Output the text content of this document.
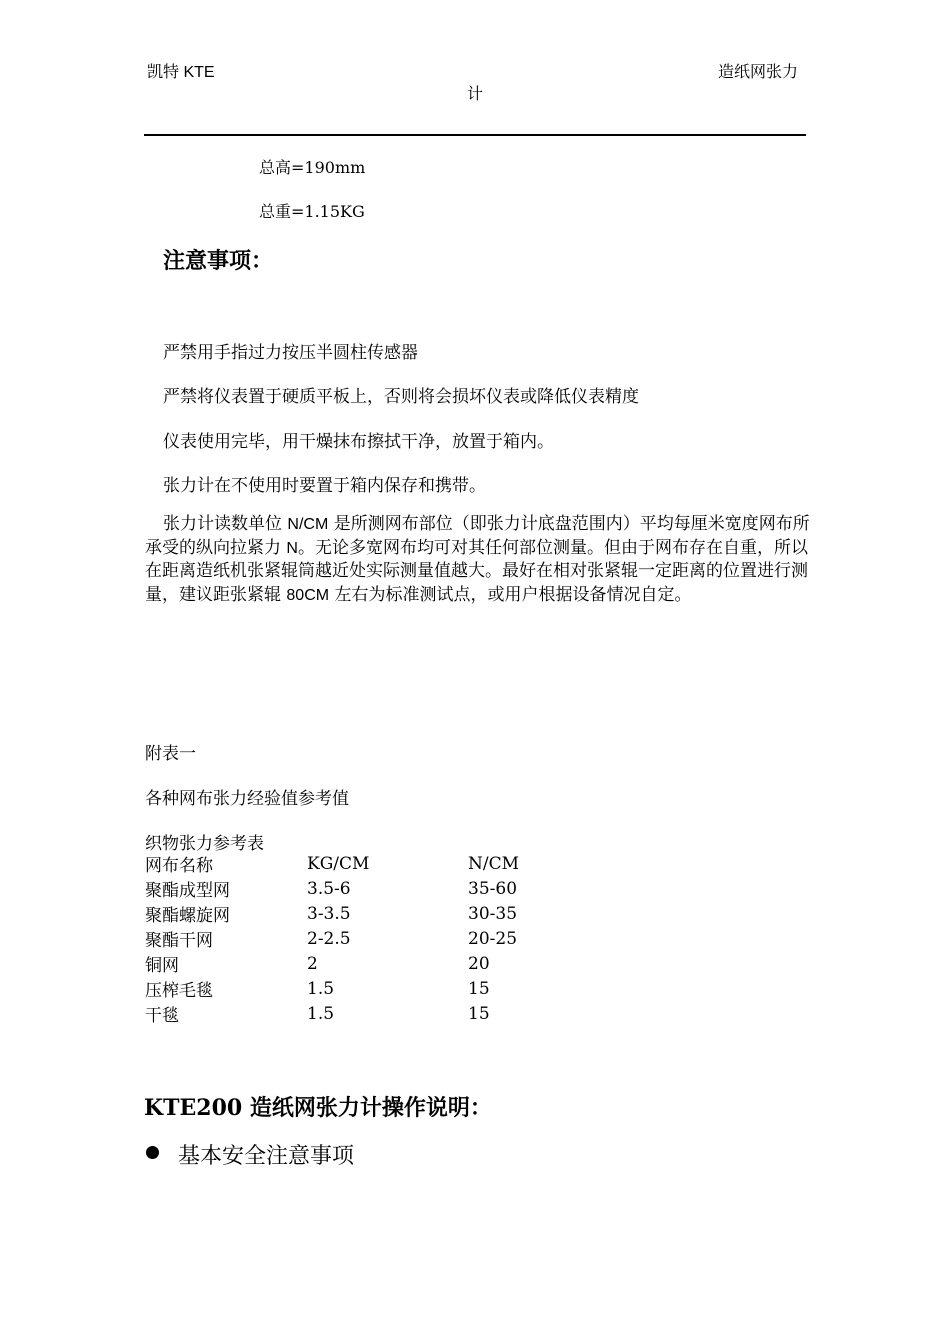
凯特 KTE	造纸网张力
计
总高=190mm
总重=1.15KG
注意事项：
严禁用手指过力按压半圆柱传感器
严禁将仪表置于硬质平板上，否则将会损坏仪表或降低仪表精度
仪表使用完毕，用干燥抹布擦拭干净，放置于箱内。
张力计在不使用时要置于箱内保存和携带。
张力计读数单位 N/CM 是所测网布部位（即张力计底盘范围内）平均每厘米宽度网布所承受的纵向拉紧力 N。无论多宽网布均可对其任何部位测量。但由于网布存在自重，所以在距离造纸机张紧辊筒越近处实际测量值越大。最好在相对张紧辊一定距离的位置进行测量，建议距张紧辊 80CM 左右为标准测试点，或用户根据设备情况自定。
附表一
各种网布张力经验值参考值
织物张力参考表
网布名称	KG/CM	N/CM
聚酯成型网	3.5-6	35-60
聚酯螺旋网	3-3.5	30-35
聚酯干网	2-2.5	20-25
铜网	2	20
压榨毛毯	1.5	15
干毯	1.5	15
KTE200 造纸网张力计操作说明：
基本安全注意事项
